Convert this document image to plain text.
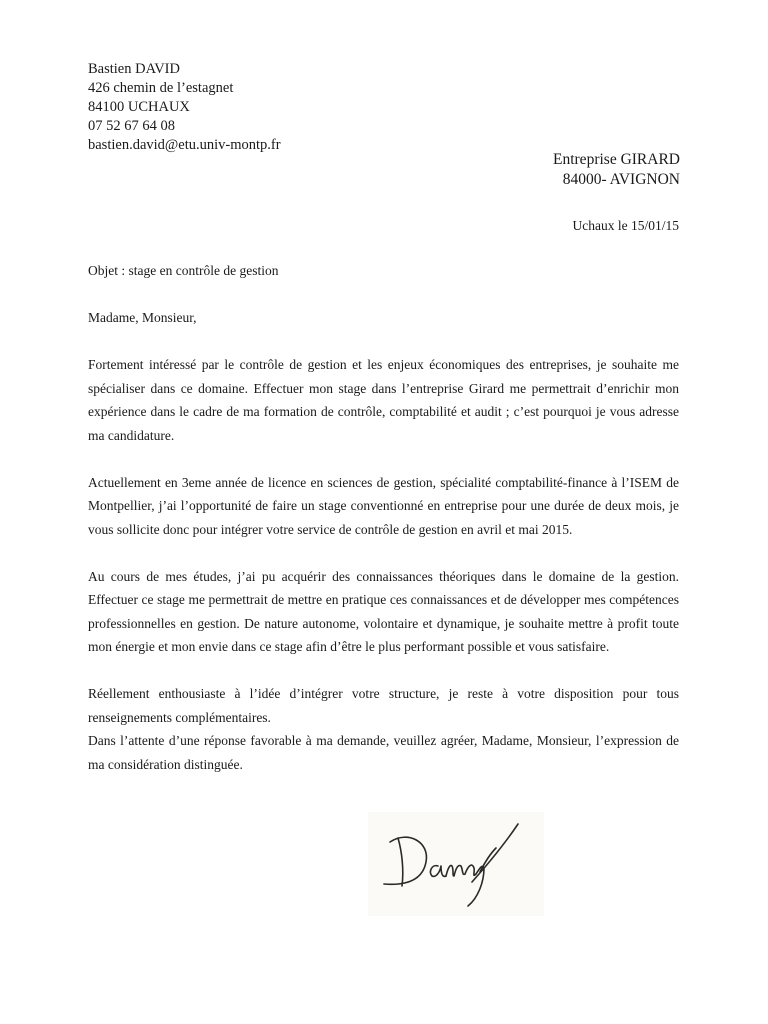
Bastien DAVID
426 chemin de l’estagnet
84100 UCHAUX
07 52 67 64 08
bastien.david@etu.univ-montp.fr
Entreprise GIRARD
84000- AVIGNON
Uchaux le 15/01/15
Objet : stage en contrôle de gestion
Madame, Monsieur,

Fortement intéressé par le contrôle de gestion et les enjeux économiques des entreprises, je souhaite me spécialiser dans ce domaine. Effectuer mon stage dans l’entreprise Girard me permettrait d’enrichir mon expérience dans le cadre de ma formation de contrôle, comptabilité et audit ; c’est pourquoi je vous adresse ma candidature.

Actuellement en 3eme année de licence en sciences de gestion, spécialité comptabilité-finance à l’ISEM de Montpellier, j’ai l’opportunité de faire un stage conventionné en entreprise pour une durée de deux mois, je vous sollicite donc pour intégrer votre service de contrôle de gestion en avril et mai 2015.

Au cours de mes études, j’ai pu acquérir des connaissances théoriques dans le domaine de la gestion. Effectuer ce stage me permettrait de mettre en pratique ces connaissances et de développer mes compétences professionnelles en gestion. De nature autonome, volontaire et dynamique, je souhaite mettre à profit toute mon énergie et mon envie dans ce stage afin d’être le plus performant possible et vous satisfaire.

Réellement enthousiaste à l’idée d’intégrer votre structure, je reste à votre disposition pour tous renseignements complémentaires.

Dans l’attente d’une réponse favorable à ma demande, veuillez agréer, Madame, Monsieur, l’expression de ma considération distinguée.
